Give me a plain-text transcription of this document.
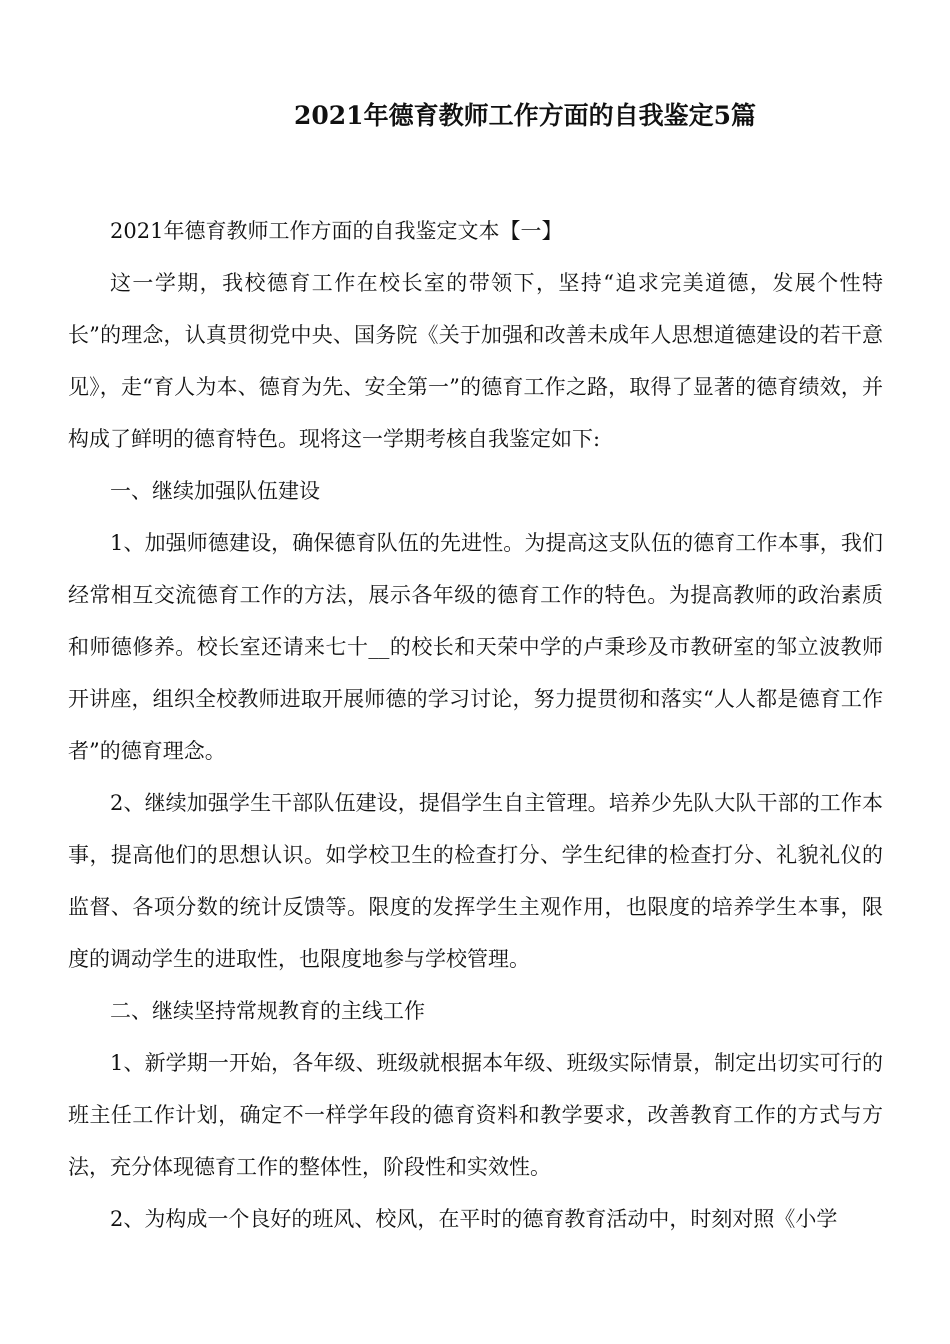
2021年德育教师工作方面的自我鉴定5篇

2021年德育教师工作方面的自我鉴定文本【一】

这一学期，我校德育工作在校长室的带领下，坚持“追求完美道德，发展个性特长”的理念，认真贯彻党中央、国务院《关于加强和改善未成年人思想道德建设的若干意见》，走“育人为本、德育为先、安全第一”的德育工作之路，取得了显著的德育绩效，并构成了鲜明的德育特色。现将这一学期考核自我鉴定如下:

一、继续加强队伍建设

1、加强师德建设，确保德育队伍的先进性。为提高这支队伍的德育工作本事，我们经常相互交流德育工作的方法，展示各年级的德育工作的特色。为提高教师的政治素质和师德修养。校长室还请来七十__的校长和天荣中学的卢秉珍及市教研室的邹立波教师开讲座，组织全校教师进取开展师德的学习讨论，努力提贯彻和落实“人人都是德育工作者”的德育理念。

2、继续加强学生干部队伍建设，提倡学生自主管理。培养少先队大队干部的工作本事，提高他们的思想认识。如学校卫生的检查打分、学生纪律的检查打分、礼貌礼仪的监督、各项分数的统计反馈等。限度的发挥学生主观作用，也限度的培养学生本事，限度的调动学生的进取性，也限度地参与学校管理。

二、继续坚持常规教育的主线工作

1、新学期一开始，各年级、班级就根据本年级、班级实际情景，制定出切实可行的班主任工作计划，确定不一样学年段的德育资料和教学要求，改善教育工作的方式与方法，充分体现德育工作的整体性，阶段性和实效性。

2、为构成一个良好的班风、校风，在平时的德育教育活动中，时刻对照《小学
